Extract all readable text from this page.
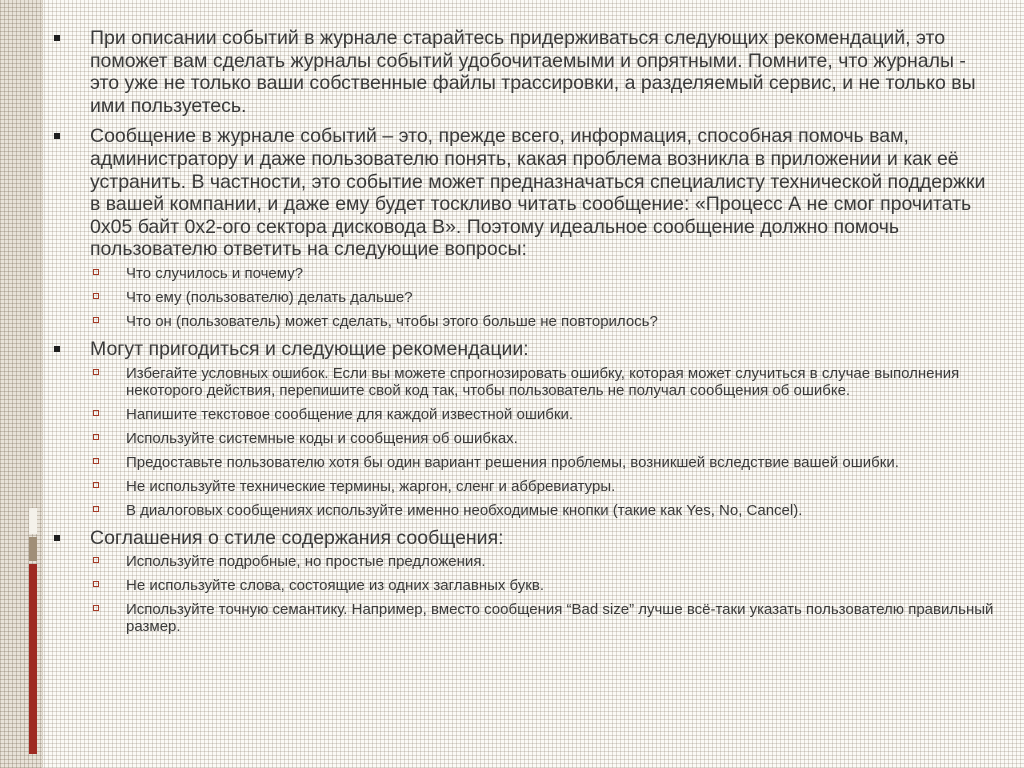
При описании событий в журнале старайтесь придерживаться следующих рекомендаций, это поможет вам сделать журналы событий удобочитаемыми и опрятными. Помните, что журналы - это уже не только ваши собственные файлы трассировки, а разделяемый сервис, и не только вы ими пользуетесь.
Сообщение в журнале событий – это, прежде всего, информация, способная помочь вам, администратору и даже пользователю понять, какая проблема возникла в приложении и как её устранить. В частности, это событие может предназначаться специалисту технической поддержки в вашей компании, и даже ему будет тоскливо читать сообщение: «Процесс А не смог прочитать 0x05 байт 0x2-ого сектора дисковода В». Поэтому идеальное сообщение должно помочь пользователю ответить на следующие вопросы:
Что случилось и почему?
Что ему (пользователю) делать дальше?
Что он (пользователь) может сделать, чтобы этого больше не повторилось?
Могут пригодиться и следующие рекомендации:
Избегайте условных ошибок. Если вы можете спрогнозировать ошибку, которая может случиться в случае выполнения некоторого действия, перепишите свой код так, чтобы пользователь не получал сообщения об ошибке.
Напишите текстовое сообщение для каждой известной ошибки.
Используйте системные коды и сообщения об ошибках.
Предоставьте пользователю хотя бы один вариант решения проблемы, возникшей вследствие вашей ошибки.
Не используйте технические термины, жаргон, сленг и аббревиатуры.
В диалоговых сообщениях используйте именно необходимые кнопки (такие как Yes, No, Cancel).
Соглашения о стиле содержания сообщения:
Используйте подробные, но простые предложения.
Не используйте слова, состоящие из одних заглавных букв.
Используйте точную семантику. Например, вместо сообщения “Bad size” лучше всё-таки указать пользователю правильный размер.
